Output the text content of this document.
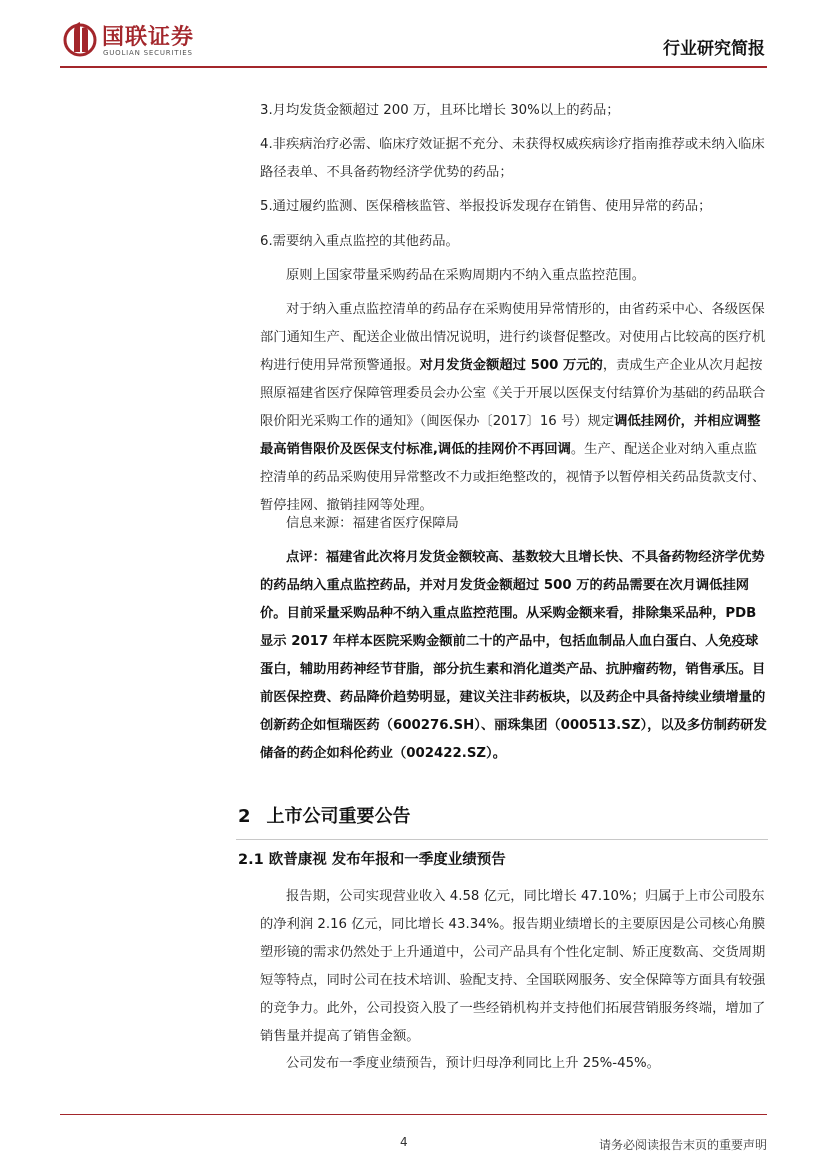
国联证券
GUOLIAN SECURITIES	行业研究简报
3.月均发货金额超过 200 万，且环比增长 30%以上的药品；
4.非疾病治疗必需、临床疗效证据不充分、未获得权威疾病诊疗指南推荐或未纳入临床路径表单、不具备药物经济学优势的药品；
5.通过履约监测、医保稽核监管、举报投诉发现存在销售、使用异常的药品；
6.需要纳入重点监控的其他药品。
原则上国家带量采购药品在采购周期内不纳入重点监控范围。
对于纳入重点监控清单的药品存在采购使用异常情形的，由省药采中心、各级医保部门通知生产、配送企业做出情况说明，进行约谈督促整改。对使用占比较高的医疗机构进行使用异常预警通报。对月发货金额超过 500 万元的，责成生产企业从次月起按照原福建省医疗保障管理委员会办公室《关于开展以医保支付结算价为基础的药品联合限价阳光采购工作的通知》（闽医保办〔2017〕16 号）规定调低挂网价，并相应调整最高销售限价及医保支付标准,调低的挂网价不再回调。生产、配送企业对纳入重点监控清单的药品采购使用异常整改不力或拒绝整改的，视情予以暂停相关药品货款支付、暂停挂网、撤销挂网等处理。
信息来源：福建省医疗保障局
点评：福建省此次将月发货金额较高、基数较大且增长快、不具备药物经济学优势的药品纳入重点监控药品，并对月发货金额超过 500 万的药品需要在次月调低挂网价。目前采量采购品种不纳入重点监控范围。从采购金额来看，排除集采品种，PDB 显示 2017 年样本医院采购金额前二十的产品中，包括血制品人血白蛋白、人免疫球蛋白，辅助用药神经节苷脂，部分抗生素和消化道类产品、抗肿瘤药物，销售承压。目前医保控费、药品降价趋势明显，建议关注非药板块，以及药企中具备持续业绩增量的创新药企如恒瑞医药（600276.SH）、丽珠集团（000513.SZ），以及多仿制药研发储备的药企如科伦药业（002422.SZ）。
2 上市公司重要公告
2.1 欧普康视 发布年报和一季度业绩预告
报告期，公司实现营业收入 4.58 亿元，同比增长 47.10%；归属于上市公司股东的净利润 2.16 亿元，同比增长 43.34%。报告期业绩增长的主要原因是公司核心角膜塑形镜的需求仍然处于上升通道中，公司产品具有个性化定制、矫正度数高、交货周期短等特点，同时公司在技术培训、验配支持、全国联网服务、安全保障等方面具有较强的竞争力。此外，公司投资入股了一些经销机构并支持他们拓展营销服务终端，增加了销售量并提高了销售金额。
公司发布一季度业绩预告，预计归母净利同比上升 25%-45%。
4	请务必阅读报告末页的重要声明
